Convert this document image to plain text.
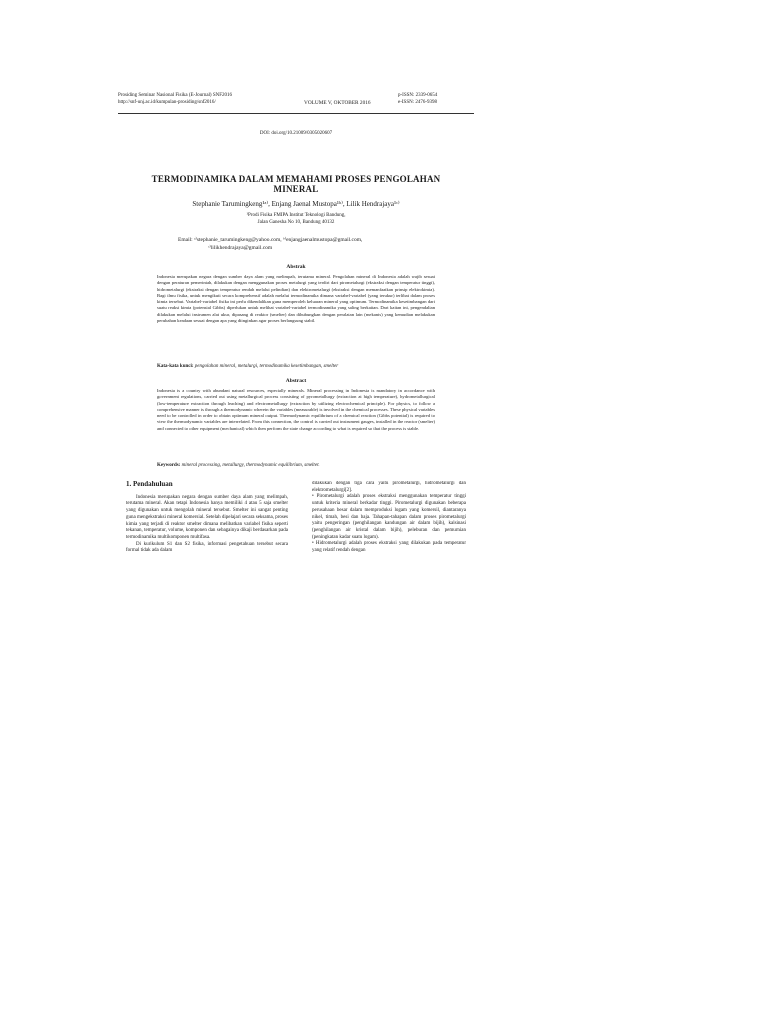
Prosiding Seminar Nasional Fisika (E-Journal) SNF2016
http://snf-unj.ac.id/kumpulan-prosiding/snf2016/	VOLUME V, OKTOBER 2016
p-ISSN: 2339-0654
e-ISSN: 2476-9398
DOI: doi.org/10.21009/0305020607
TERMODINAMIKA DALAM MEMAHAMI PROSES PENGOLAHAN MINERAL
Stephanie Tarumingkeng¹ᵃ⁾, Enjang Jaenal Mustopa¹ᵇ⁾, Lilik Hendrajaya¹ᶜ⁾
¹Prodi Fisika FMIPA Institut Teknologi Bandung,
Jalan Ganesha No 10, Bandung 40132
Email: ᵃ⁾stephanie_tarumingkeng@yahoo.com, ᵇ⁾enjangjaenalmustopa@gmail.com,
ᶜ⁾lilikhendrajaya@gmail.com
Abstrak
Indonesia merupakan negara dengan sumber daya alam yang melimpah, terutama mineral. Pengolahan mineral di Indonesia adalah wajib sesuai dengan peraturan pemerintah, dilakukan dengan menggunakan proses metalurgi yang terdiri dari pirometalurgi (ekstraksi dengan temperatur tinggi), hidrometalurgi (ekstraksi dengan temperatur rendah melalui pelindian) dan elektrometalurgi (ekstraksi dengan memanfaatkan prinsip elektrokimia). Bagi ilmu fisika, untuk mengikuti secara komprehensif adalah melalui termodinamika dimana variabel-variabel (yang terukur) terlibat dalam proses kimia tersebut. Variabel-variabel fisika ini perlu dikendalikan guna memperoleh keluaran mineral yang optimum. Termodinamika kesetimbangan dari suatu reaksi kimia (potensial Gibbs) diperlukan untuk melihat variabel-variabel termodinamika yang saling berkaitan. Dari kaitan ini, pengendalian dilakukan melalui instrumen alat ukur, dipasang di reaktor (smelter) dan dihubungkan dengan peralatan lain (mekanis) yang kemudian melakukan perubahan keadaan sesuai dengan apa yang diinginkan agar proses berlangsung stabil.
Kata-kata kunci: pengolahan mineral, metalurgi, termodinamika kesetimbangan, smelter
Abstract
Indonesia is a country with abundant natural resources, especially minerals. Mineral processing in Indonesia is mandatory in accordance with government regulations, carried out using metallurgical process consisting of pyrometallurgy (extraction at high temperature), hydrometallurgical (low-temperature extraction through leaching) and electrometallurgy (extraction by utilizing electrochemical principle). For physics, to follow a comprehensive manner is through a thermodynamic wherein the variables (measurable) is involved in the chemical processes. These physical variables need to be controlled in order to obtain optimum mineral output. Thermodynamic equilibrium of a chemical reaction (Gibbs potential) is required to view the thermodynamic variables are interrelated. From this connection, the control is carried out instrument gauges, installed in the reactor (smelter) and connected to other equipment (mechanical) which then perform the state change according to what is required so that the process is stable.
Keywords: mineral processing, metallurgy, thermodynamic equilibrium, smelter.

1. Pendahuluan

Indonesia merupakan negara dengan sumber daya alam yang melimpah, terutama mineral. Akan tetapi Indonesia hanya memiliki 4 atau 5 saja smelter yang digunakan untuk mengolah mineral tersebut. Smelter ini sangat penting guna mengekstraksi mineral komersial. Setelah dipelajari secara seksama, proses kimia yang terjadi di reaktor smelter dimana melibatkan variabel fisika seperti tekanan, temperatur, volume, komponen dan sebagainya dikaji berdasarkan pada termodinamika multikomponen multifasa.

Di kurikulum S1 dan S2 fisika, informasi pengetahuan tersebut secara formal tidak ada dalam

dilakukan dengan tiga cara yaitu pirometalurgi, hidrometalurgi dan elektrometalurgi[2].

• Pirometalurgi adalah proses ekstraksi menggunakan temperatur tinggi untuk kriteria mineral berkadar tinggi. Pirometalurgi digunakan beberapa perusahaan besar dalam memproduksi logam yang komersil, diantaranya nikel, timah, besi dan baja. Tahapan-tahapan dalam proses pirometalurgi yaitu pengeringan (penghilangan kandungan air dalam bijih), kalsinasi (penghilangan air kristal dalam bijih), peleburan dan pemurnian (peningkatan kadar suatu logam).

• Hidrometalurgi adalah proses ekstraksi yang dilakukan pada temperatur yang relatif rendah dengan
